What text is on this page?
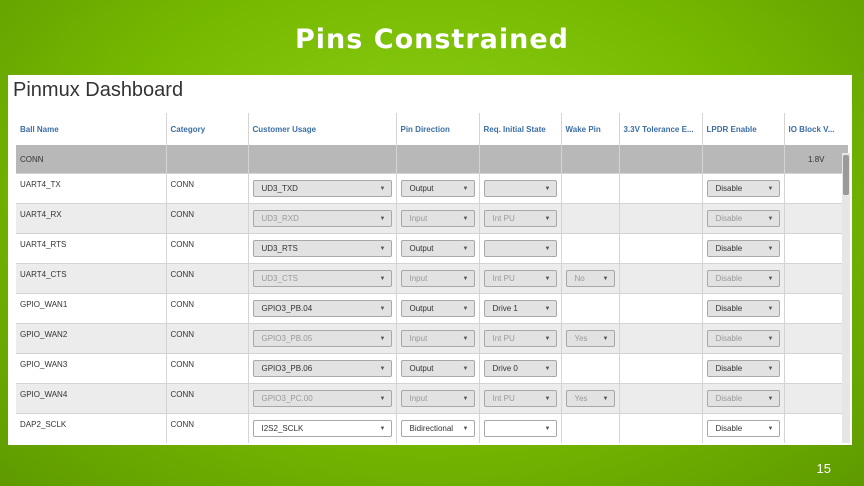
Pins Constrained
Pinmux Dashboard
Ball Name	Category	Customer Usage	Pin Direction	Req. Initial State	Wake Pin	3.3V Tolerance E...	LPDR Enable	IO Block V...
CONN								1.8V
UART4_TX	CONN	UD3_TXD ▼	Output ▼	▼			Disable ▼	

UART4_RX	CONN	UD3_RXD ▼	Input ▼	Int PU ▼			Disable ▼	

UART4_RTS	CONN	UD3_RTS ▼	Output ▼	▼			Disable ▼	

UART4_CTS	CONN	UD3_CTS ▼	Input ▼	Int PU ▼	No ▼		Disable ▼	

GPIO_WAN1	CONN	GPIO3_PB.04 ▼	Output ▼	Drive 1 ▼			Disable ▼	

GPIO_WAN2	CONN	GPIO3_PB.05 ▼	Input ▼	Int PU ▼	Yes ▼		Disable ▼	

GPIO_WAN3	CONN	GPIO3_PB.06 ▼	Output ▼	Drive 0 ▼			Disable ▼	

GPIO_WAN4	CONN	GPIO3_PC.00 ▼	Input ▼	Int PU ▼	Yes ▼		Disable ▼	

DAP2_SCLK	CONN	I2S2_SCLK ▼	Bidirectional ▼	▼			Disable ▼	

15
